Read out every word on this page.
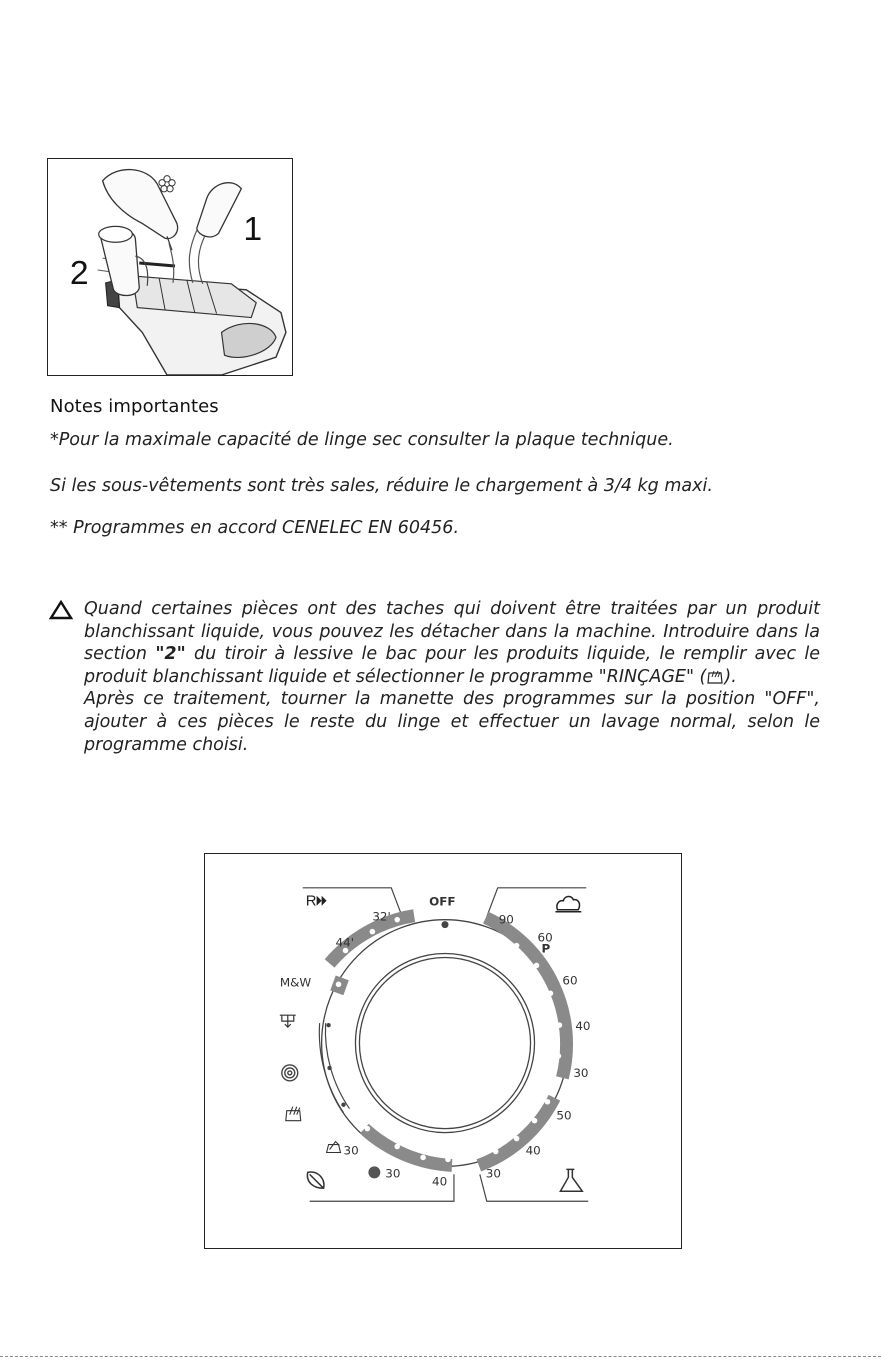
1
2
Notes importantes
*Pour la maximale capacité de linge sec consulter la plaque technique.
Si les sous-vêtements sont très sales, réduire le chargement à 3/4 kg maxi.
** Programmes en accord CENELEC EN 60456.

Quand certaines pièces ont des taches qui doivent être traitées par un produit blanchissant liquide, vous pouvez les détacher dans la machine. Introduire dans la section "2" du tiroir à lessive le bac pour les produits liquide, le remplir avec le produit blanchissant liquide et sélectionner le programme "RINÇAGE" ( ).

Après ce traitement, tourner la manette des programmes sur la position "OFF", ajouter à ces pièces le reste du linge et effectuer un lavage normal, selon le programme choisi.

OFF
32'
44'
M&W
90
60
P
60
40
30
50
40
30
30
30
40
R
